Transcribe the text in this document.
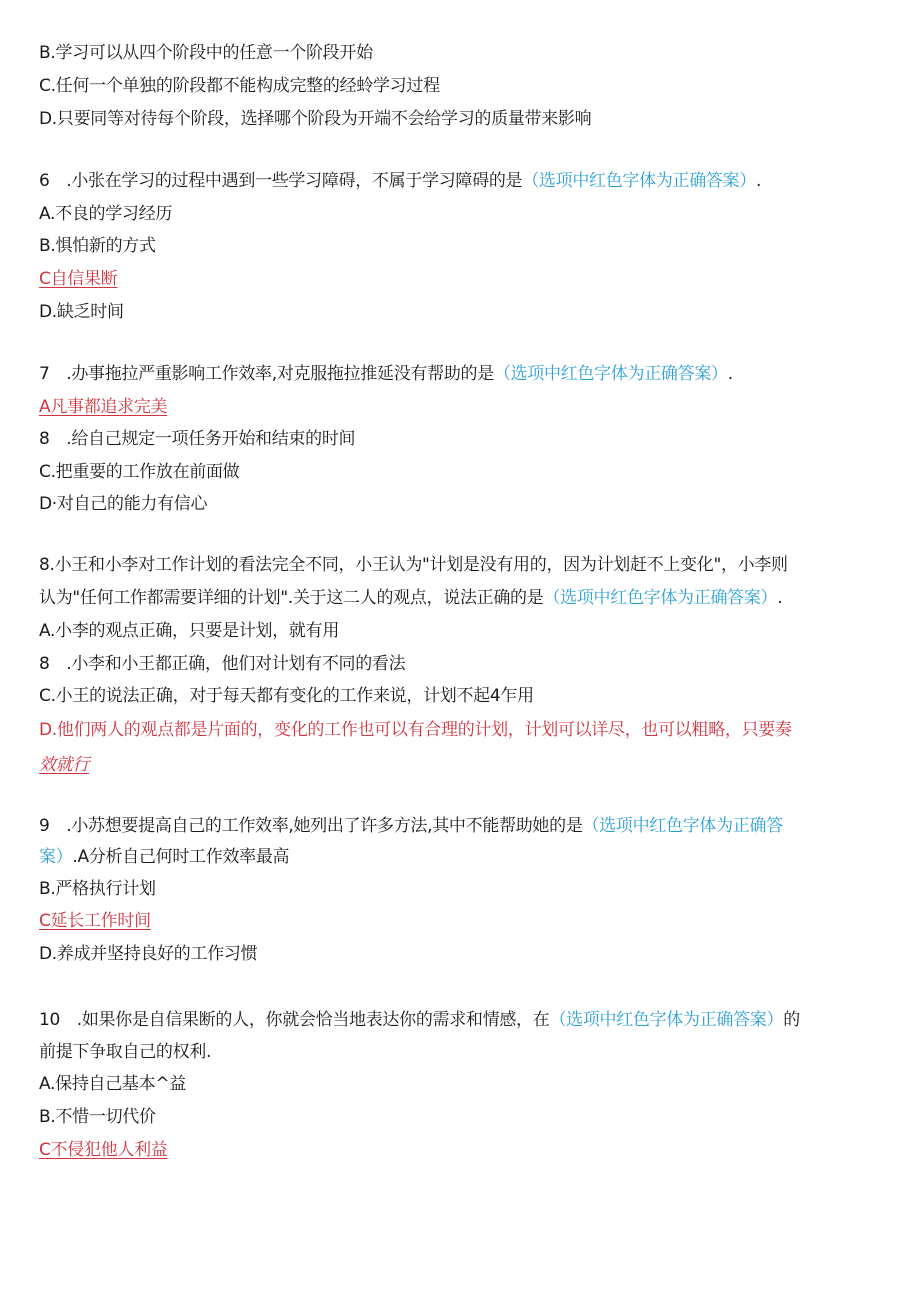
B.学习可以从四个阶段中的任意一个阶段开始
C.任何一个单独的阶段都不能构成完整的经蛉学习过程
D.只要同等对待每个阶段，选择哪个阶段为开端不会给学习的质量带来影响
6　.小张在学习的过程中遇到一些学习障碍，不属于学习障碍的是（选项中红色字体为正确答案）.
A.不良的学习经历
B.惧怕新的方式
C自信果断
D.缺乏时间
7　.办事拖拉严重影响工作效率,对克服拖拉推延没有帮助的是（选项中红色字体为正确答案）.
A凡事都追求完美
8　.给自己规定一项任务开始和结束的时间
C.把重要的工作放在前面做
D·对自己的能力有信心
8.小王和小李对工作计划的看法完全不同，小王认为"计划是没有用的，因为计划赶不上变化"，小李则
认为"任何工作都需要详细的计划".关于这二人的观点，说法正确的是（选项中红色字体为正确答案）.
A.小李的观点正确，只要是计划，就有用
8　.小李和小王都正确，他们对计划有不同的看法
C.小王的说法正确，对于每天都有变化的工作来说，计划不起4乍用
D.他们两人的观点都是片面的，变化的工作也可以有合理的计划，计划可以详尽，也可以粗略，只要奏
效就行
9　.小苏想要提高自己的工作效率,她列出了许多方法,其中不能帮助她的是（选项中红色字体为正确答
案）.A分析自己何时工作效率最高
B.严格执行计划
C延长工作时间
D.养成并坚持良好的工作习惯
10　.如果你是自信果断的人，你就会恰当地表达你的需求和情感，在（选项中红色字体为正确答案）的
前提下争取自己的权利.
A.保持自己基本^益
B.不惜一切代价
C不侵犯他人利益
